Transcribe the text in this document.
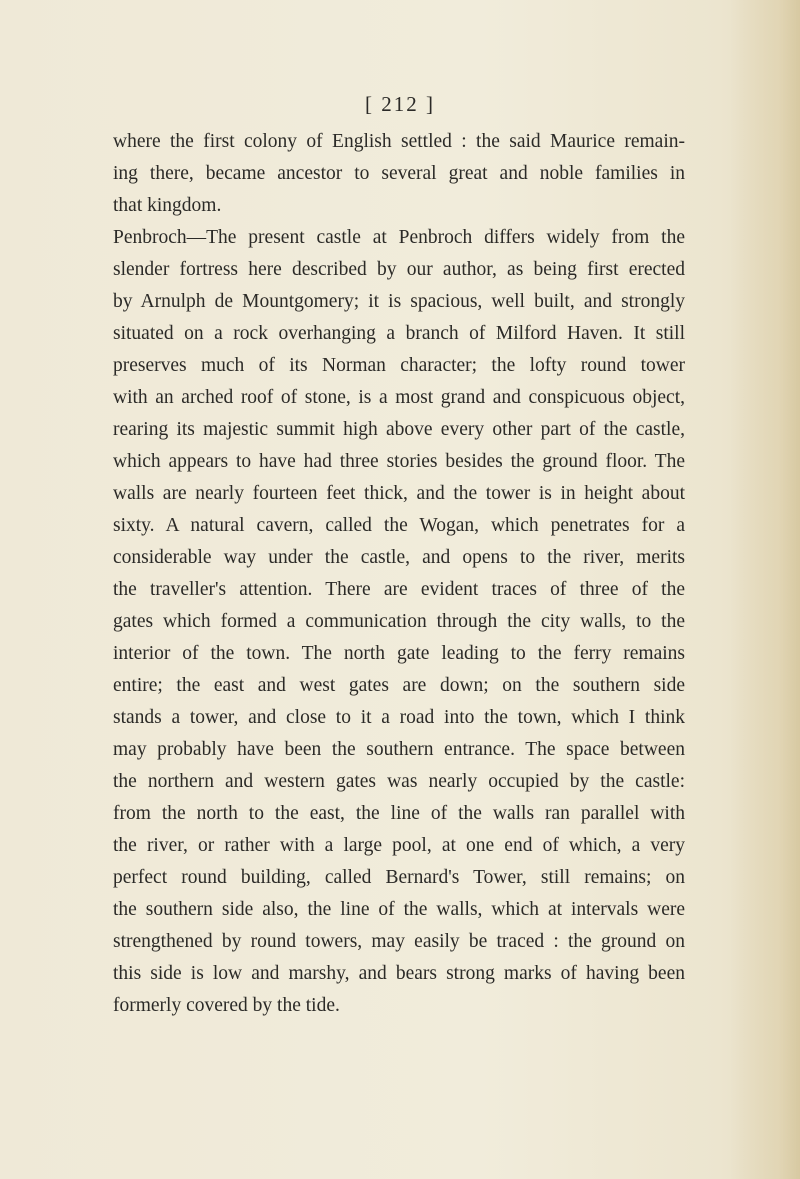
[ 212 ]
where the first colony of English settled : the said Maurice remain-
ing there, became ancestor to several great and noble families in
that kingdom.
Penbroch—The present castle at Penbroch differs widely from the
slender fortress here described by our author, as being first erected
by Arnulph de Mountgomery; it is spacious, well built, and strongly
situated on a rock overhanging a branch of Milford Haven. It still
preserves much of its Norman character; the lofty round tower
with an arched roof of stone, is a most grand and conspicuous object,
rearing its majestic summit high above every other part of the castle,
which appears to have had three stories besides the ground floor. The
walls are nearly fourteen feet thick, and the tower is in height about
sixty. A natural cavern, called the Wogan, which penetrates for a
considerable way under the castle, and opens to the river, merits
the traveller's attention. There are evident traces of three of the
gates which formed a communication through the city walls, to the
interior of the town. The north gate leading to the ferry remains
entire; the east and west gates are down; on the southern side
stands a tower, and close to it a road into the town, which I think
may probably have been the southern entrance. The space between
the northern and western gates was nearly occupied by the castle:
from the north to the east, the line of the walls ran parallel with
the river, or rather with a large pool, at one end of which, a very
perfect round building, called Bernard's Tower, still remains; on
the southern side also, the line of the walls, which at intervals were
strengthened by round towers, may easily be traced : the ground on
this side is low and marshy, and bears strong marks of having been
formerly covered by the tide.
